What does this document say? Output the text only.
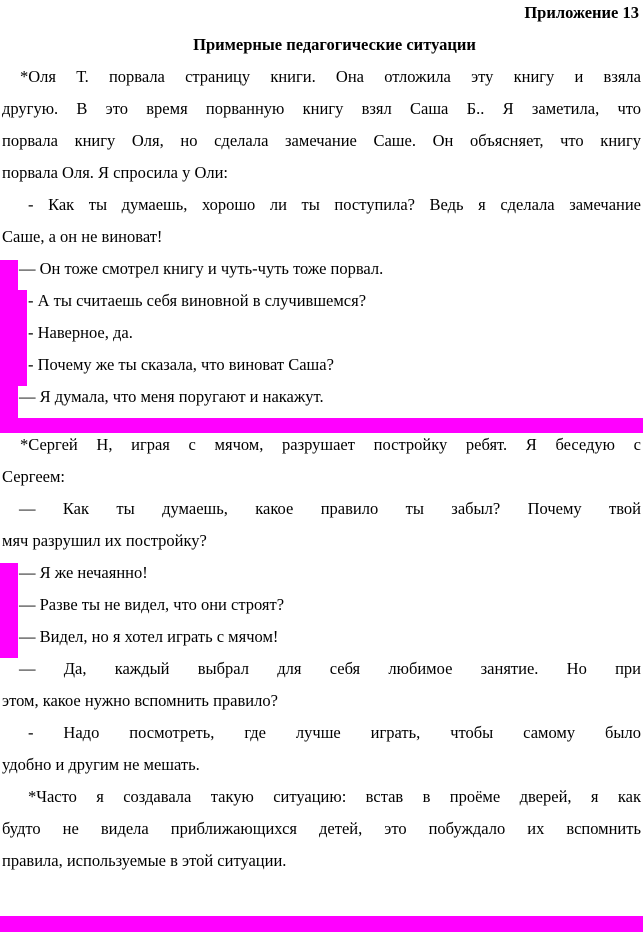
Приложение 13
Примерные педагогические ситуации
*Оля Т. порвала страницу книги. Она отложила эту книгу и взяла
другую. В это время порванную книгу взял Саша Б.. Я заметила, что
порвала книгу Оля, но сделала замечание Саше. Он объясняет, что книгу
порвала Оля. Я спросила у Оли:
- Как ты думаешь, хорошо ли ты поступила? Ведь я сделала замечание
Саше, а он не виноват!
— Он тоже смотрел книгу и чуть-чуть тоже порвал.
- А ты считаешь себя виновной в случившемся?
- Наверное, да.
- Почему же ты сказала, что виноват Саша?
— Я думала, что меня поругают и накажут.
*Сергей Н, играя с мячом, разрушает постройку ребят. Я беседую с
Сергеем:
— Как ты думаешь, какое правило ты забыл? Почему твой
мяч разрушил их постройку?
— Я же нечаянно!
— Разве ты не видел, что они строят?
— Видел, но я хотел играть с мячом!
— Да, каждый выбрал для себя любимое занятие. Но при
этом, какое нужно вспомнить правило?
- Надо посмотреть, где лучше играть, чтобы самому было
удобно и другим не мешать.
*Часто я создавала такую ситуацию: встав в проёме дверей, я как
будто не видела приближающихся детей, это побуждало их вспомнить
правила, используемые в этой ситуации.
